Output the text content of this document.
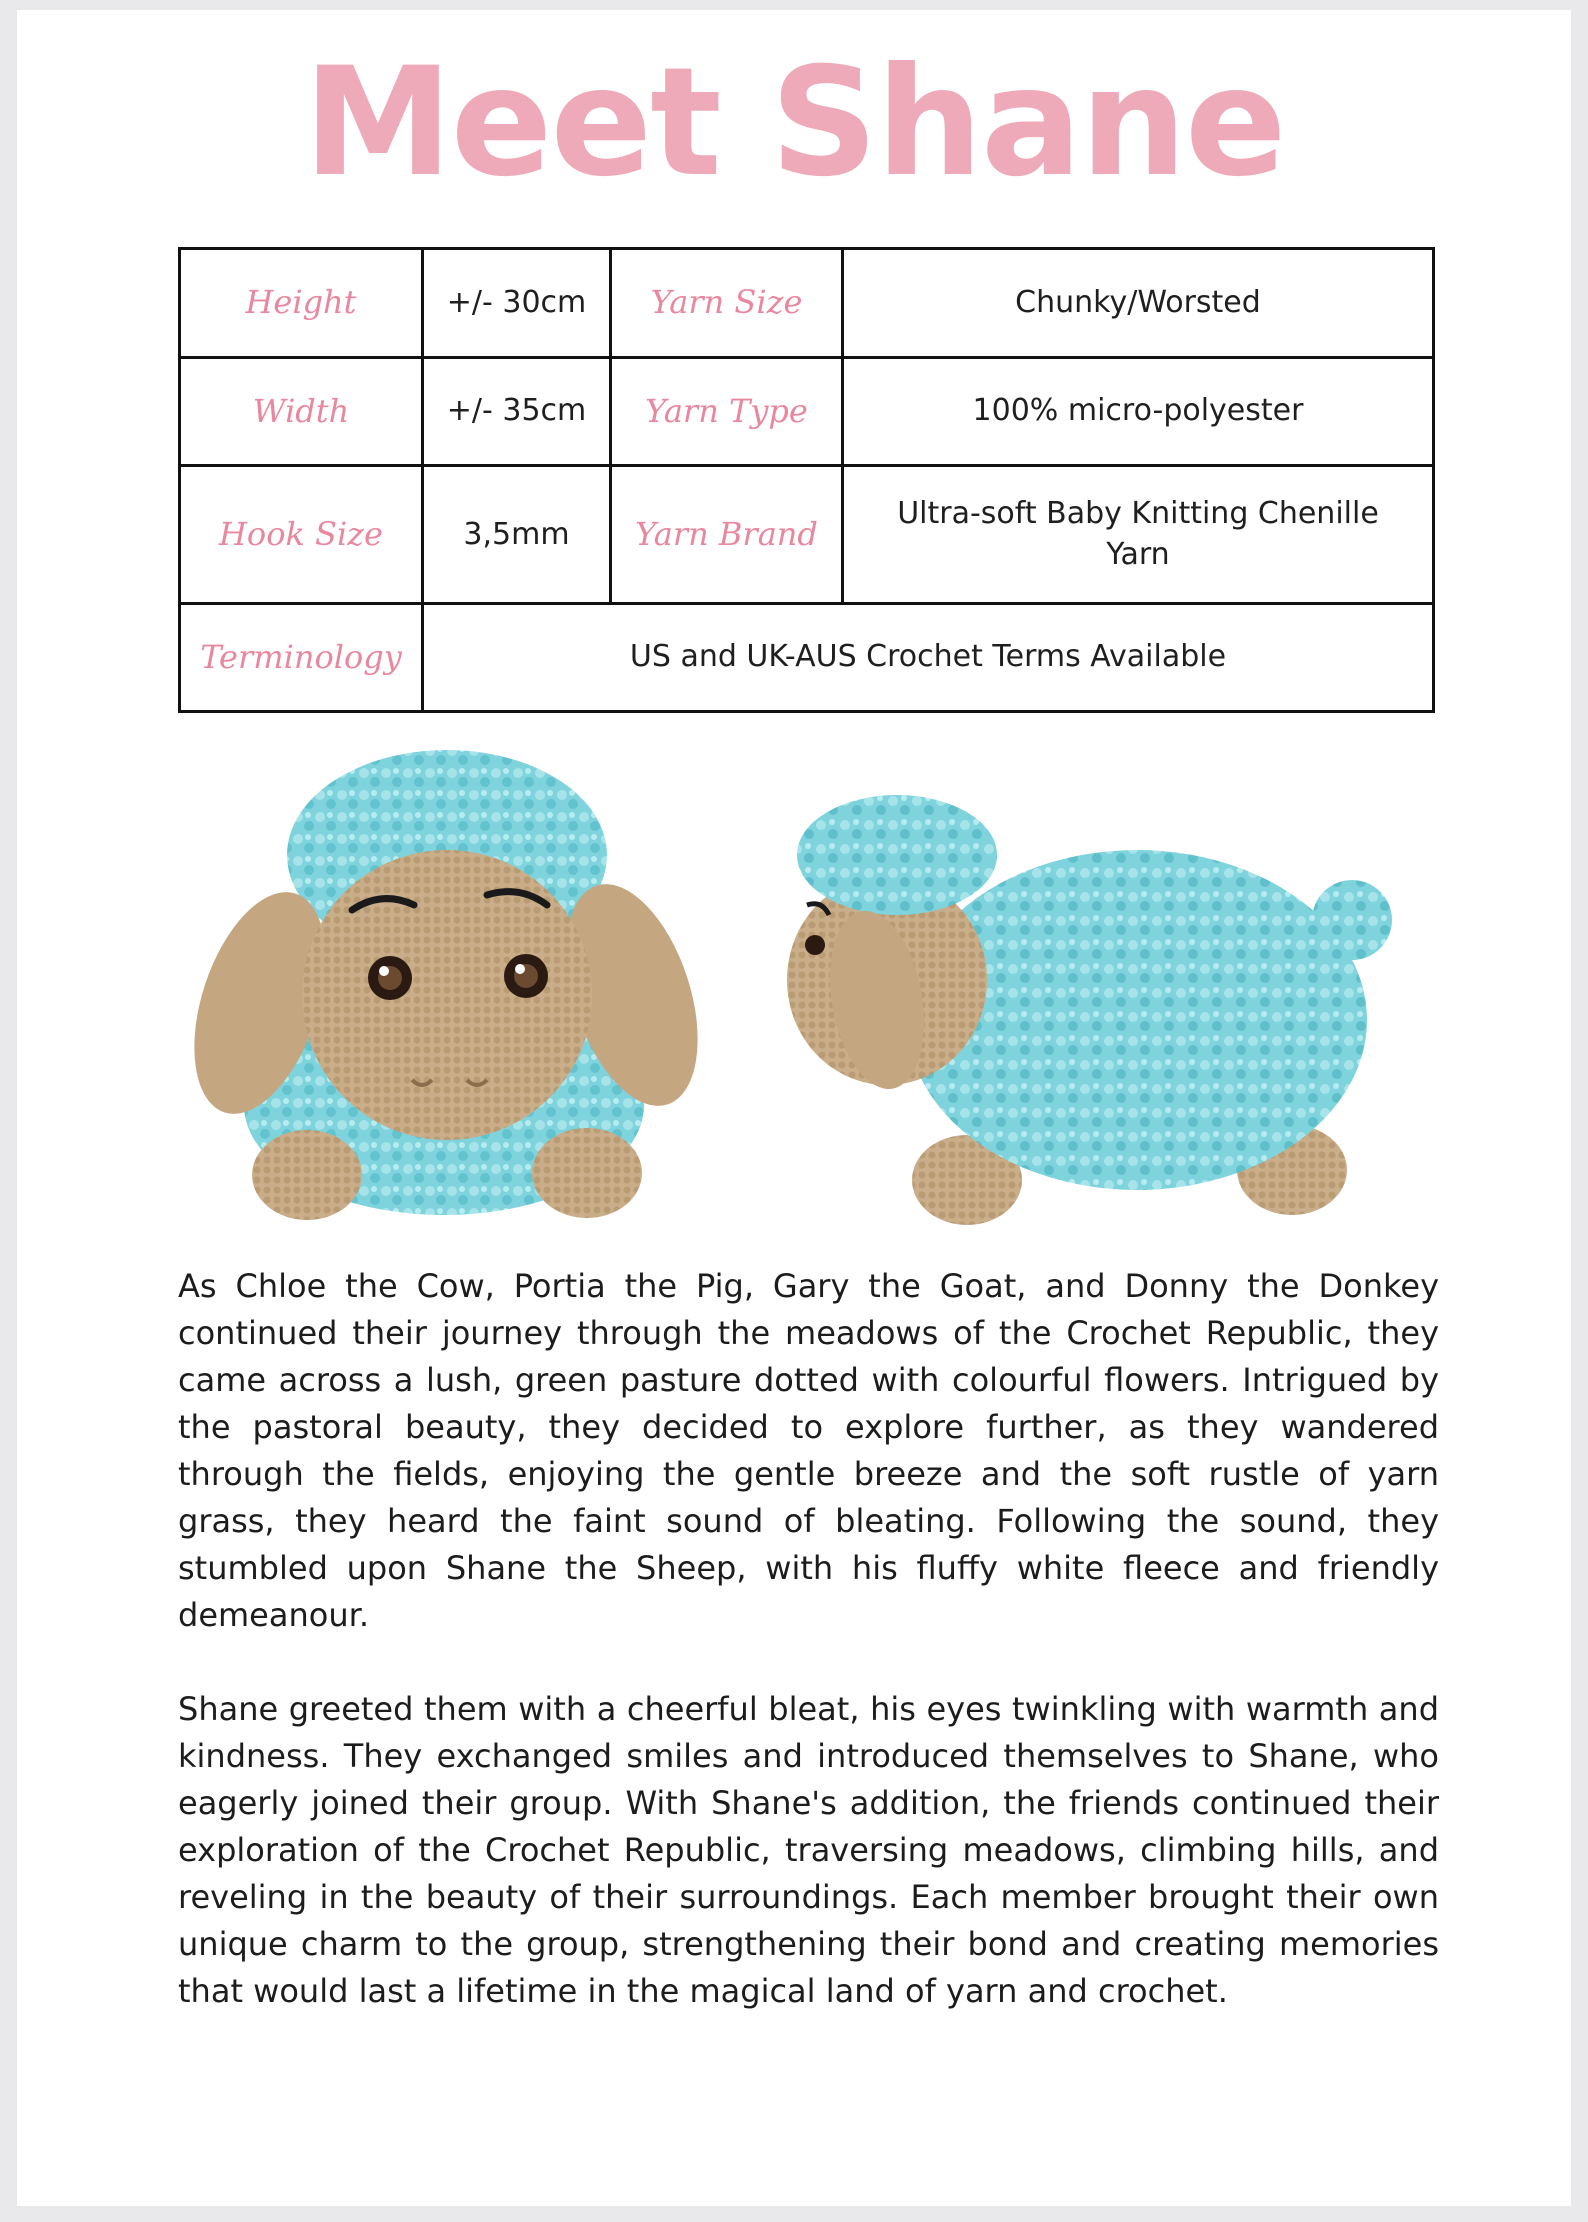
Meet Shane
Height	+/- 30cm	Yarn Size	Chunky/Worsted
Width	+/- 35cm	Yarn Type	100% micro-polyester
Hook Size	3,5mm	Yarn Brand	Ultra-soft Baby Knitting Chenille Yarn
Terminology	US and UK-AUS Crochet Terms Available		

As Chloe the Cow, Portia the Pig, Gary the Goat, and Donny the Donkey continued their journey through the meadows of the Crochet Republic, they came across a lush, green pasture dotted with colourful flowers. Intrigued by the pastoral beauty, they decided to explore further, as they wandered through the fields, enjoying the gentle breeze and the soft rustle of yarn grass, they heard the faint sound of bleating. Following the sound, they stumbled upon Shane the Sheep, with his fluffy white fleece and friendly demeanour.

Shane greeted them with a cheerful bleat, his eyes twinkling with warmth and kindness. They exchanged smiles and introduced themselves to Shane, who eagerly joined their group. With Shane's addition, the friends continued their exploration of the Crochet Republic, traversing meadows, climbing hills, and reveling in the beauty of their surroundings. Each member brought their own unique charm to the group, strengthening their bond and creating memories that would last a lifetime in the magical land of yarn and crochet.
